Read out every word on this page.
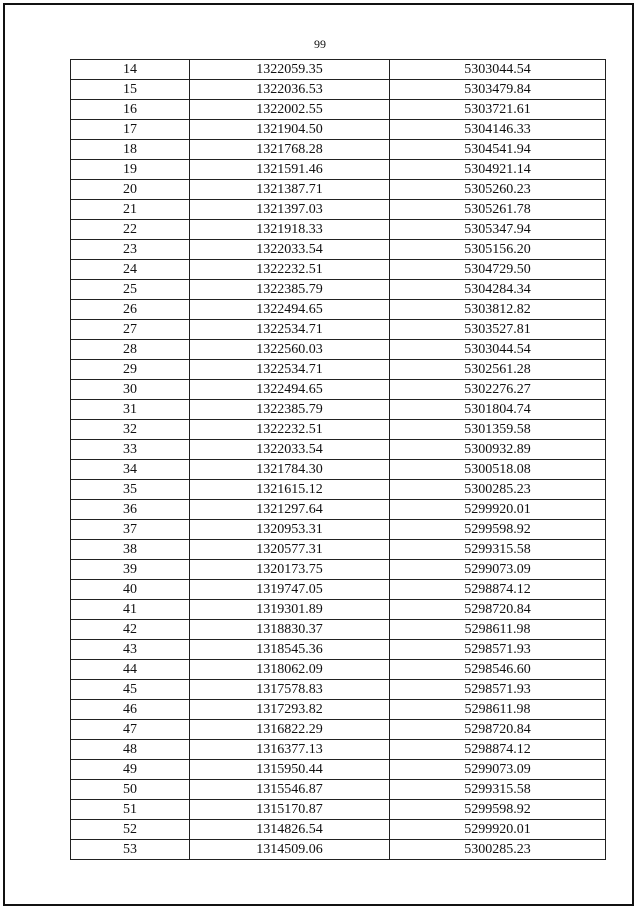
99
14	1322059.35	5303044.54
15	1322036.53	5303479.84
16	1322002.55	5303721.61
17	1321904.50	5304146.33
18	1321768.28	5304541.94
19	1321591.46	5304921.14
20	1321387.71	5305260.23
21	1321397.03	5305261.78
22	1321918.33	5305347.94
23	1322033.54	5305156.20
24	1322232.51	5304729.50
25	1322385.79	5304284.34
26	1322494.65	5303812.82
27	1322534.71	5303527.81
28	1322560.03	5303044.54
29	1322534.71	5302561.28
30	1322494.65	5302276.27
31	1322385.79	5301804.74
32	1322232.51	5301359.58
33	1322033.54	5300932.89
34	1321784.30	5300518.08
35	1321615.12	5300285.23
36	1321297.64	5299920.01
37	1320953.31	5299598.92
38	1320577.31	5299315.58
39	1320173.75	5299073.09
40	1319747.05	5298874.12
41	1319301.89	5298720.84
42	1318830.37	5298611.98
43	1318545.36	5298571.93
44	1318062.09	5298546.60
45	1317578.83	5298571.93
46	1317293.82	5298611.98
47	1316822.29	5298720.84
48	1316377.13	5298874.12
49	1315950.44	5299073.09
50	1315546.87	5299315.58
51	1315170.87	5299598.92
52	1314826.54	5299920.01
53	1314509.06	5300285.23
